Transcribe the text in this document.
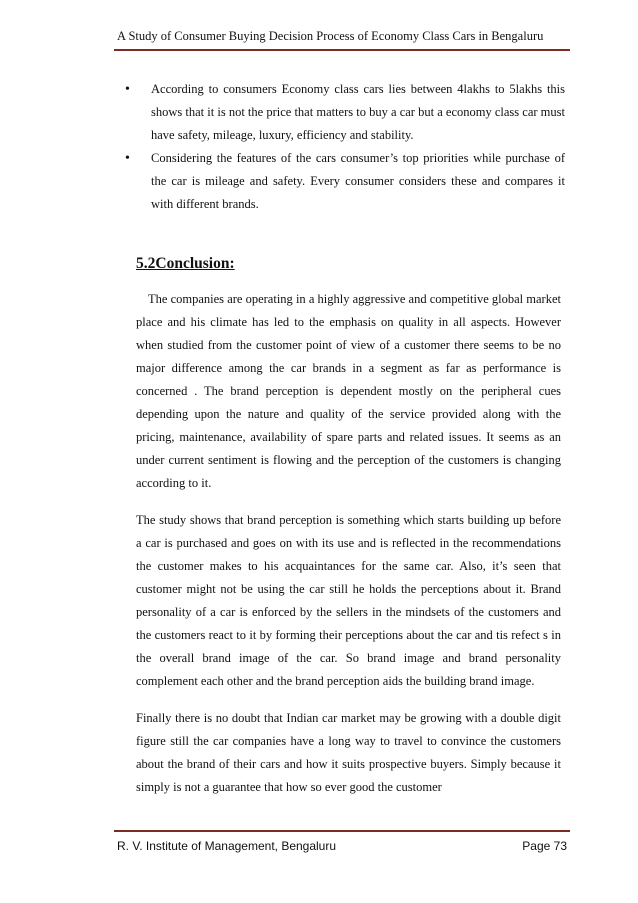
A Study of Consumer Buying Decision Process of Economy Class Cars in Bengaluru
• According to consumers Economy class cars lies between 4lakhs to 5lakhs this shows that it is not the price that matters to buy a car but a economy class car must have safety, mileage, luxury, efficiency and stability.
• Considering the features of the cars consumer’s top priorities while purchase of the car is mileage and safety. Every consumer considers these and compares it with different brands.
5.2Conclusion:

The companies are operating in a highly aggressive and competitive global market place and his climate has led to the emphasis on quality in all aspects. However when studied from the customer point of view of a customer there seems to be no major difference among the car brands in a segment as far as performance is concerned . The brand perception is dependent mostly on the peripheral cues depending upon the nature and quality of the service provided along with the pricing, maintenance, availability of spare parts and related issues. It seems as an under current sentiment is flowing and the perception of the customers is changing according to it.

The study shows that brand perception is something which starts building up before a car is purchased and goes on with its use and is reflected in the recommendations the customer makes to his acquaintances for the same car. Also, it’s seen that customer might not be using the car still he holds the perceptions about it. Brand personality of a car is enforced by the sellers in the mindsets of the customers and the customers react to it by forming their perceptions about the car and tis refect s in the overall brand image of the car. So brand image and brand personality complement each other and the brand perception aids the building brand image.

Finally there is no doubt that Indian car market may be growing with a double digit figure still the car companies have a long way to travel to convince the customers about the brand of their cars and how it suits prospective buyers. Simply because it simply is not a guarantee that how so ever good the customer

R. V. Institute of Management, Bengaluru	Page 73
